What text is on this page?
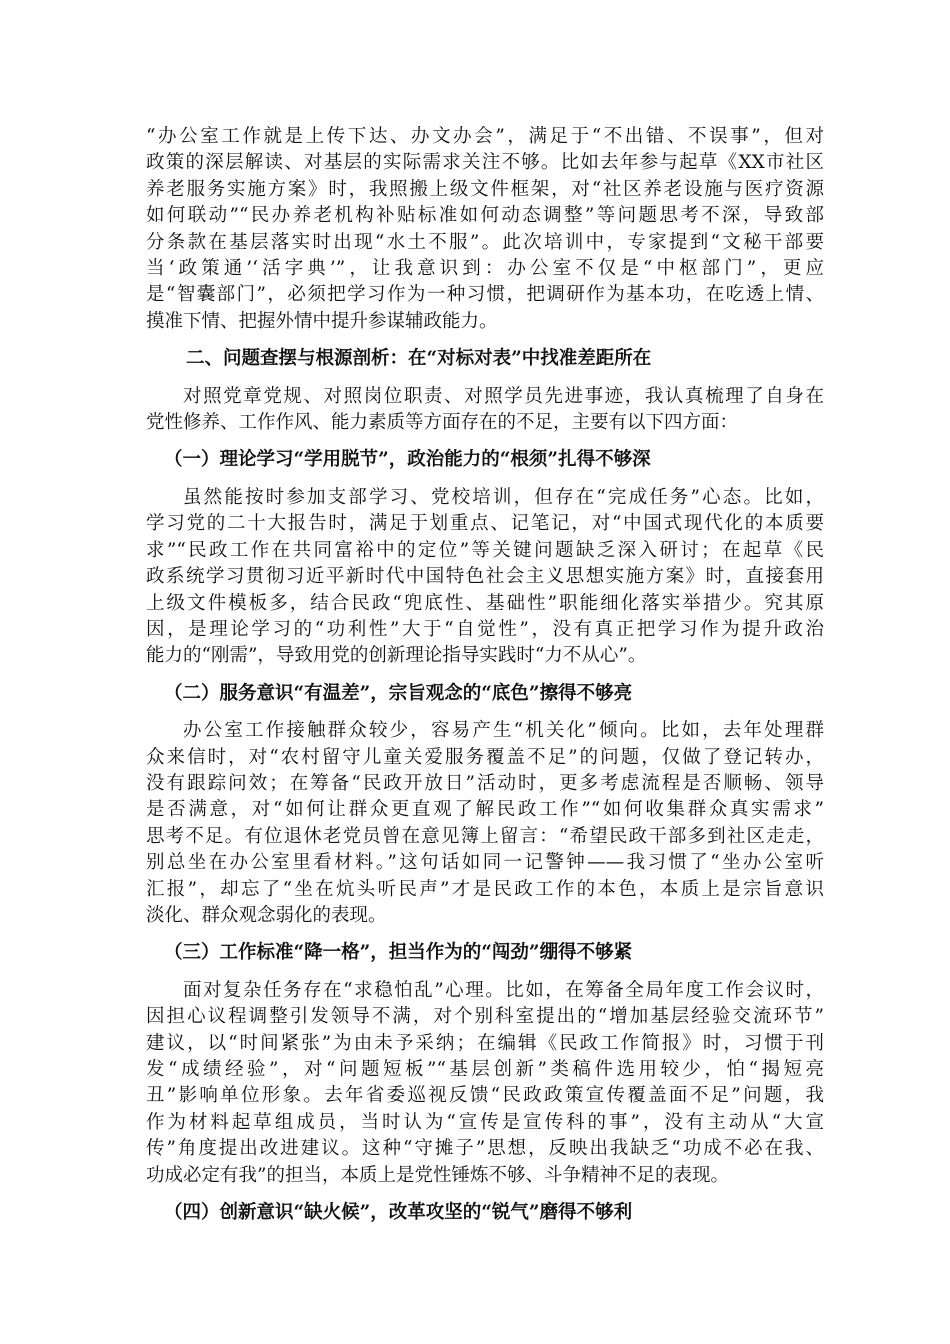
“办公室工作就是上传下达、办文办会”，满足于“不出错、不误事”，但对
政策的深层解读、对基层的实际需求关注不够。比如去年参与起草《XX市社区
养老服务实施方案》时，我照搬上级文件框架，对“社区养老设施与医疗资源
如何联动”“民办养老机构补贴标准如何动态调整”等问题思考不深，导致部
分条款在基层落实时出现“水土不服”。此次培训中，专家提到“文秘干部要
当‘政策通’‘活字典’”，让我意识到：办公室不仅是“中枢部门”，更应
是“智囊部门”，必须把学习作为一种习惯，把调研作为基本功，在吃透上情、
摸准下情、把握外情中提升参谋辅政能力。

二、问题查摆与根源剖析：在“对标对表”中找准差距所在

对照党章党规、对照岗位职责、对照学员先进事迹，我认真梳理了自身在
党性修养、工作作风、能力素质等方面存在的不足，主要有以下四方面：

（一）理论学习“学用脱节”，政治能力的“根须”扎得不够深

虽然能按时参加支部学习、党校培训，但存在“完成任务”心态。比如，
学习党的二十大报告时，满足于划重点、记笔记，对“中国式现代化的本质要
求”“民政工作在共同富裕中的定位”等关键问题缺乏深入研讨；在起草《民
政系统学习贯彻习近平新时代中国特色社会主义思想实施方案》时，直接套用
上级文件模板多，结合民政“兜底性、基础性”职能细化落实举措少。究其原
因，是理论学习的“功利性”大于“自觉性”，没有真正把学习作为提升政治
能力的“刚需”，导致用党的创新理论指导实践时“力不从心”。

（二）服务意识“有温差”，宗旨观念的“底色”擦得不够亮

办公室工作接触群众较少，容易产生“机关化”倾向。比如，去年处理群
众来信时，对“农村留守儿童关爱服务覆盖不足”的问题，仅做了登记转办，
没有跟踪问效；在筹备“民政开放日”活动时，更多考虑流程是否顺畅、领导
是否满意，对“如何让群众更直观了解民政工作”“如何收集群众真实需求”
思考不足。有位退休老党员曾在意见簿上留言：“希望民政干部多到社区走走，
别总坐在办公室里看材料。”这句话如同一记警钟——我习惯了“坐办公室听
汇报”，却忘了“坐在炕头听民声”才是民政工作的本色，本质上是宗旨意识
淡化、群众观念弱化的表现。

（三）工作标准“降一格”，担当作为的“闯劲”绷得不够紧

面对复杂任务存在“求稳怕乱”心理。比如，在筹备全局年度工作会议时，
因担心议程调整引发领导不满，对个别科室提出的“增加基层经验交流环节”
建议，以“时间紧张”为由未予采纳；在编辑《民政工作简报》时，习惯于刊
发“成绩经验”，对“问题短板”“基层创新”类稿件选用较少，怕“揭短亮
丑”影响单位形象。去年省委巡视反馈“民政政策宣传覆盖面不足”问题，我
作为材料起草组成员，当时认为“宣传是宣传科的事”，没有主动从“大宣
传”角度提出改进建议。这种“守摊子”思想，反映出我缺乏“功成不必在我、
功成必定有我”的担当，本质上是党性锤炼不够、斗争精神不足的表现。

（四）创新意识“缺火候”，改革攻坚的“锐气”磨得不够利
